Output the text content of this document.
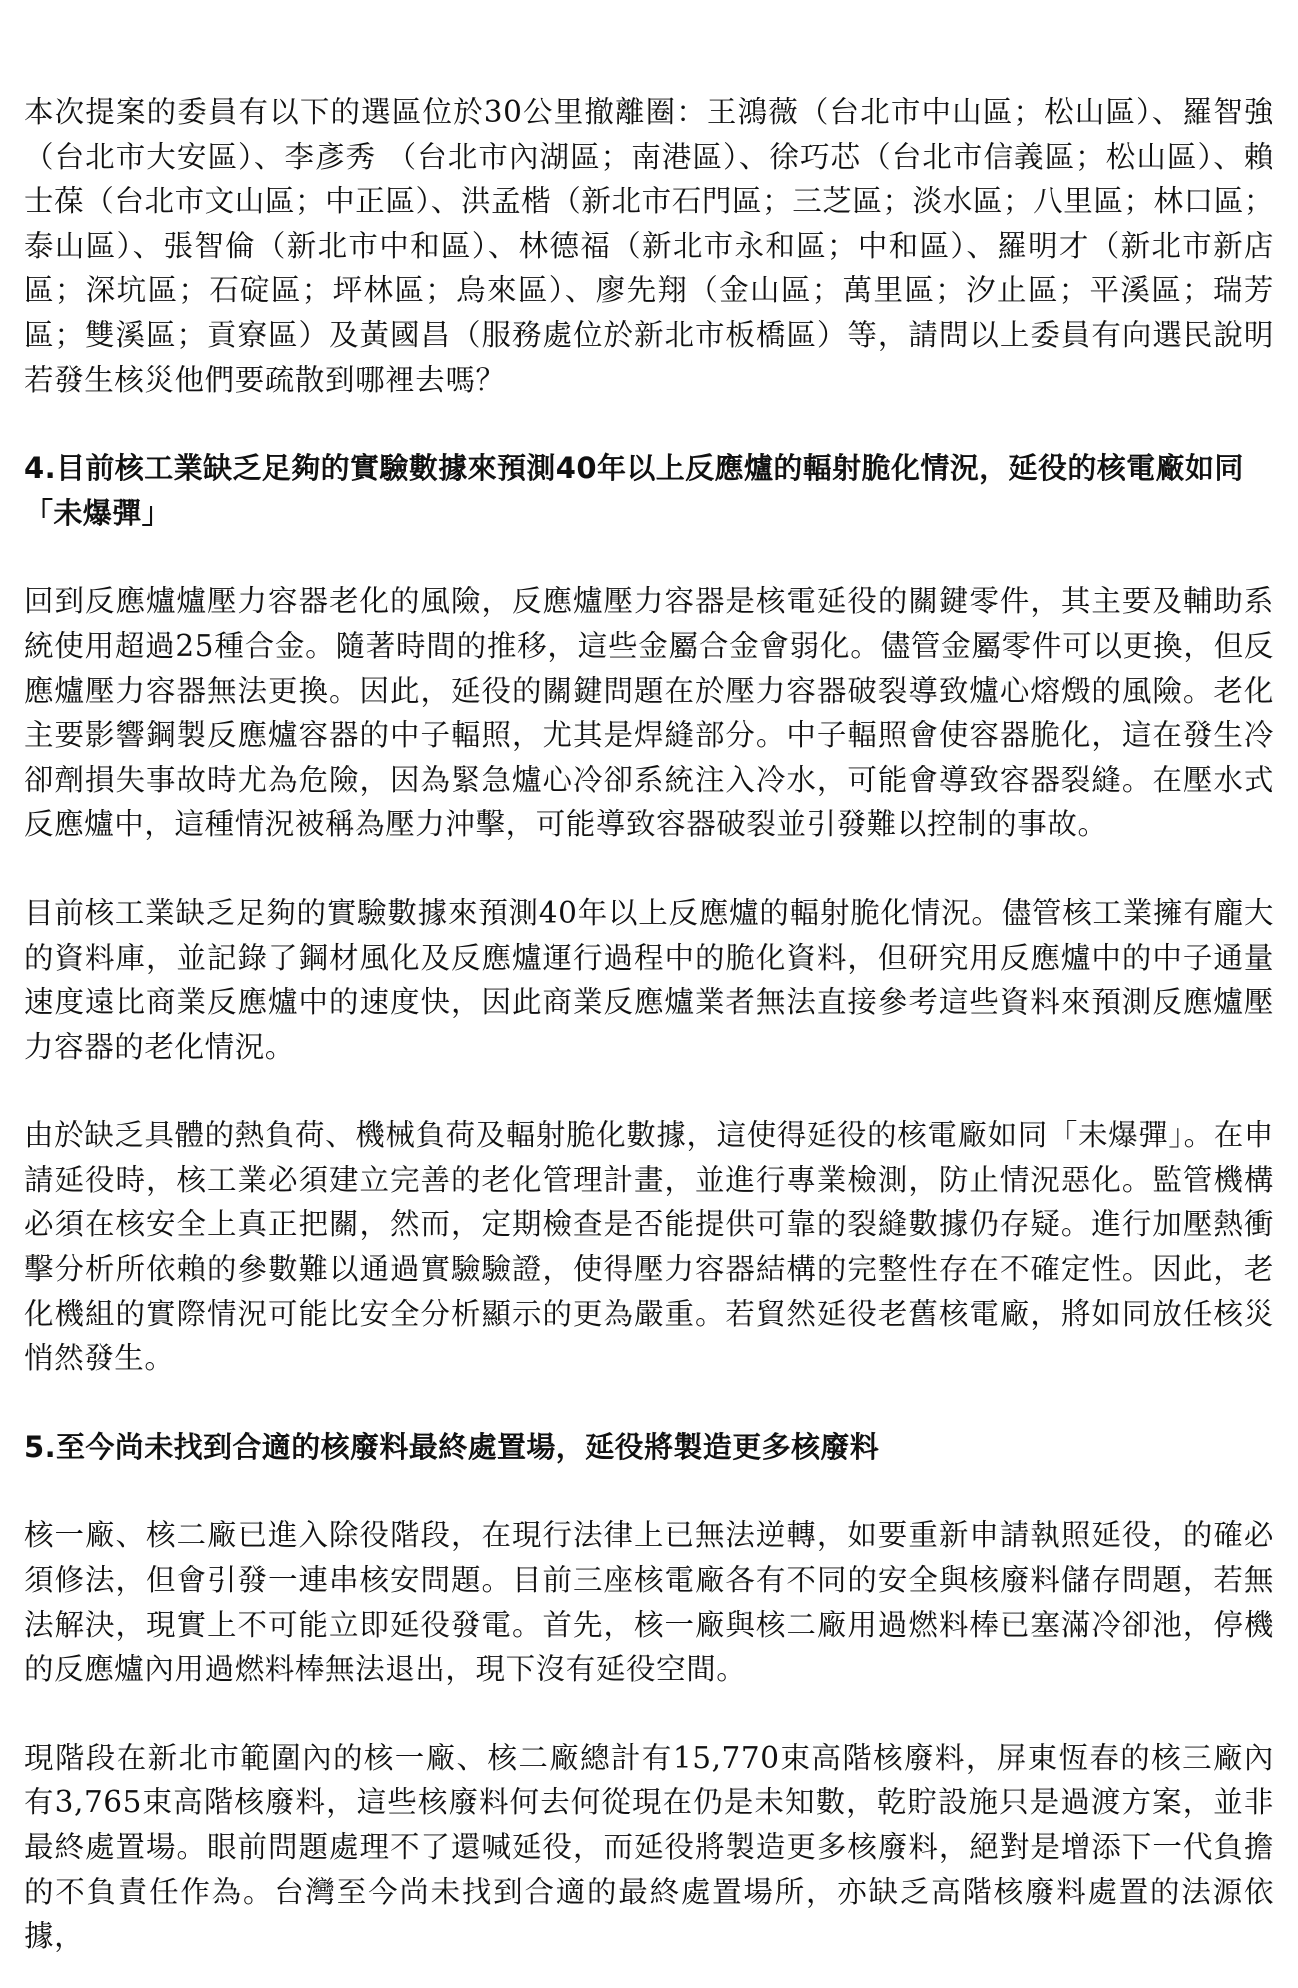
本次提案的委員有以下的選區位於30公里撤離圈：王鴻薇（台北市中山區；松山區）、羅智強（台北市大安區）、李彥秀 （台北市內湖區；南港區）、徐巧芯（台北市信義區；松山區）、賴士葆（台北市文山區；中正區）、洪孟楷（新北市石門區；三芝區；淡水區；八里區；林口區；泰山區）、張智倫（新北市中和區）、林德福（新北市永和區；中和區）、羅明才（新北市新店區；深坑區；石碇區；坪林區；烏來區）、廖先翔（金山區；萬里區；汐止區；平溪區；瑞芳區；雙溪區；貢寮區）及黃國昌（服務處位於新北市板橋區）等，請問以上委員有向選民說明若發生核災他們要疏散到哪裡去嗎？

4.目前核工業缺乏足夠的實驗數據來預測40年以上反應爐的輻射脆化情況，延役的核電廠如同「未爆彈」

回到反應爐爐壓力容器老化的風險，反應爐壓力容器是核電延役的關鍵零件，其主要及輔助系統使用超過25種合金。隨著時間的推移，這些金屬合金會弱化。儘管金屬零件可以更換，但反應爐壓力容器無法更換。因此，延役的關鍵問題在於壓力容器破裂導致爐心熔燬的風險。老化主要影響鋼製反應爐容器的中子輻照，尤其是焊縫部分。中子輻照會使容器脆化，這在發生冷卻劑損失事故時尤為危險，因為緊急爐心冷卻系統注入冷水，可能會導致容器裂縫。在壓水式反應爐中，這種情況被稱為壓力沖擊，可能導致容器破裂並引發難以控制的事故。

目前核工業缺乏足夠的實驗數據來預測40年以上反應爐的輻射脆化情況。儘管核工業擁有龐大的資料庫，並記錄了鋼材風化及反應爐運行過程中的脆化資料，但研究用反應爐中的中子通量速度遠比商業反應爐中的速度快，因此商業反應爐業者無法直接參考這些資料來預測反應爐壓力容器的老化情況。

由於缺乏具體的熱負荷、機械負荷及輻射脆化數據，這使得延役的核電廠如同「未爆彈」。在申請延役時，核工業必須建立完善的老化管理計畫，並進行專業檢測，防止情況惡化。監管機構必須在核安全上真正把關，然而，定期檢查是否能提供可靠的裂縫數據仍存疑。進行加壓熱衝擊分析所依賴的參數難以通過實驗驗證，使得壓力容器結構的完整性存在不確定性。因此，老化機組的實際情況可能比安全分析顯示的更為嚴重。若貿然延役老舊核電廠，將如同放任核災悄然發生。

5.至今尚未找到合適的核廢料最終處置場，延役將製造更多核廢料

核一廠、核二廠已進入除役階段，在現行法律上已無法逆轉，如要重新申請執照延役，的確必須修法，但會引發一連串核安問題。目前三座核電廠各有不同的安全與核廢料儲存問題，若無法解決，現實上不可能立即延役發電。首先，核一廠與核二廠用過燃料棒已塞滿冷卻池，停機的反應爐內用過燃料棒無法退出，現下沒有延役空間。

現階段在新北市範圍內的核一廠、核二廠總計有15,770束高階核廢料，屏東恆春的核三廠內有3,765束高階核廢料，這些核廢料何去何從現在仍是未知數，乾貯設施只是過渡方案，並非最終處置場。眼前問題處理不了還喊延役，而延役將製造更多核廢料，絕對是增添下一代負擔的不負責任作為。台灣至今尚未找到合適的最終處置場所，亦缺乏高階核廢料處置的法源依據，
